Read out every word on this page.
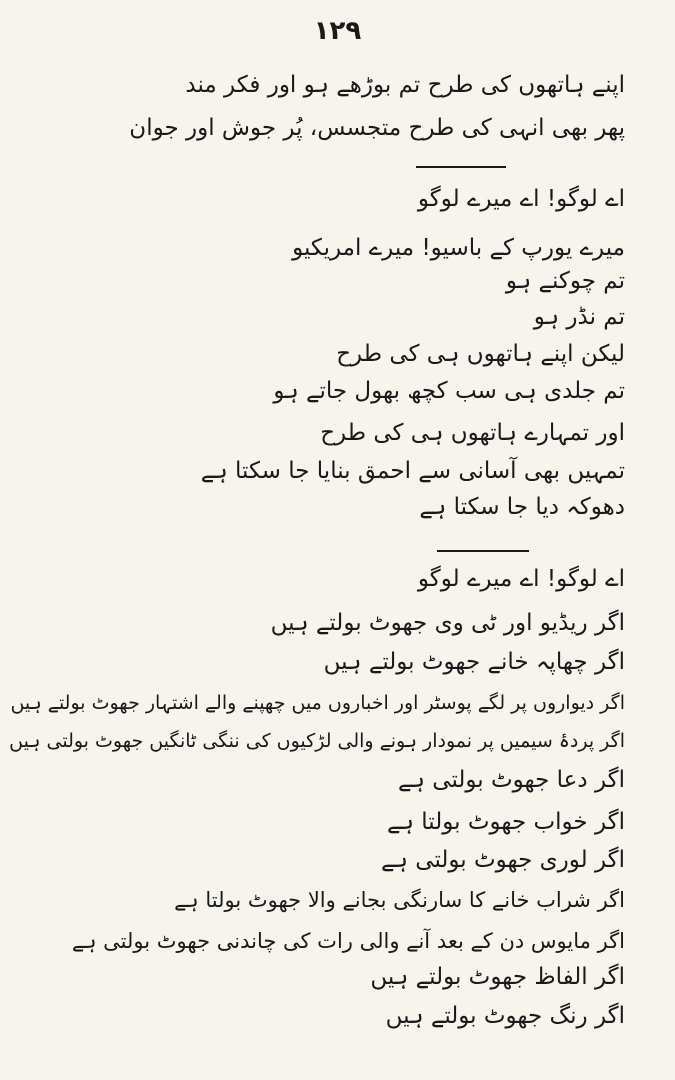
۱۲۹
اپنے ہاتھوں کی طرح تم بوڑھے ہو اور فکر مند
پھر بھی انہی کی طرح متجسس، پُر جوش اور جوان
اے لوگو! اے میرے لوگو
میرے یورپ کے باسیو! میرے امریکیو
تم چوکنے ہو
تم نڈر ہو
لیکن اپنے ہاتھوں ہی کی طرح
تم جلدی ہی سب کچھ بھول جاتے ہو
اور تمہارے ہاتھوں ہی کی طرح
تمہیں بھی آسانی سے احمق بنایا جا سکتا ہے
دھوکہ دیا جا سکتا ہے
اے لوگو! اے میرے لوگو
اگر ریڈیو اور ٹی وی جھوٹ بولتے ہیں
اگر چھاپہ خانے جھوٹ بولتے ہیں
اگر دیواروں پر لگے پوسٹر اور اخباروں میں چھپنے والے اشتہار جھوٹ بولتے ہیں
اگر پردۂ سیمیں پر نمودار ہونے والی لڑکیوں کی ننگی ٹانگیں جھوٹ بولتی ہیں
اگر دعا جھوٹ بولتی ہے
اگر خواب جھوٹ بولتا ہے
اگر لوری جھوٹ بولتی ہے
اگر شراب خانے کا سارنگی بجانے والا جھوٹ بولتا ہے
اگر مایوس دن کے بعد آنے والی رات کی چاندنی جھوٹ بولتی ہے
اگر الفاظ جھوٹ بولتے ہیں
اگر رنگ جھوٹ بولتے ہیں
